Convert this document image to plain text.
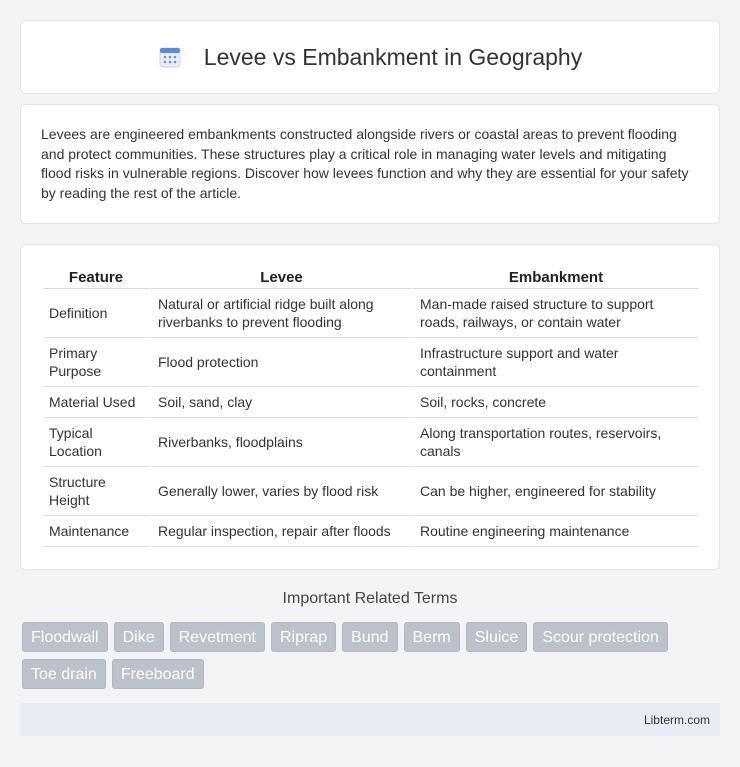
Levee vs Embankment in Geography

Levees are engineered embankments constructed alongside rivers or coastal areas to prevent flooding and protect communities. These structures play a critical role in managing water levels and mitigating flood risks in vulnerable regions. Discover how levees function and why they are essential for your safety by reading the rest of the article.

Feature	Levee	Embankment
Definition	Natural or artificial ridge built along riverbanks to prevent flooding	Man-made raised structure to support roads, railways, or contain water
Primary Purpose	Flood protection	Infrastructure support and water containment
Material Used	Soil, sand, clay	Soil, rocks, concrete
Typical Location	Riverbanks, floodplains	Along transportation routes, reservoirs, canals
Structure Height	Generally lower, varies by flood risk	Can be higher, engineered for stability
Maintenance	Regular inspection, repair after floods	Routine engineering maintenance
Important Related Terms
Floodwall	Dike	Revetment	Riprap	Bund	Berm	Sluice	Scour protection
Toe drain	Freeboard
Libterm.com
